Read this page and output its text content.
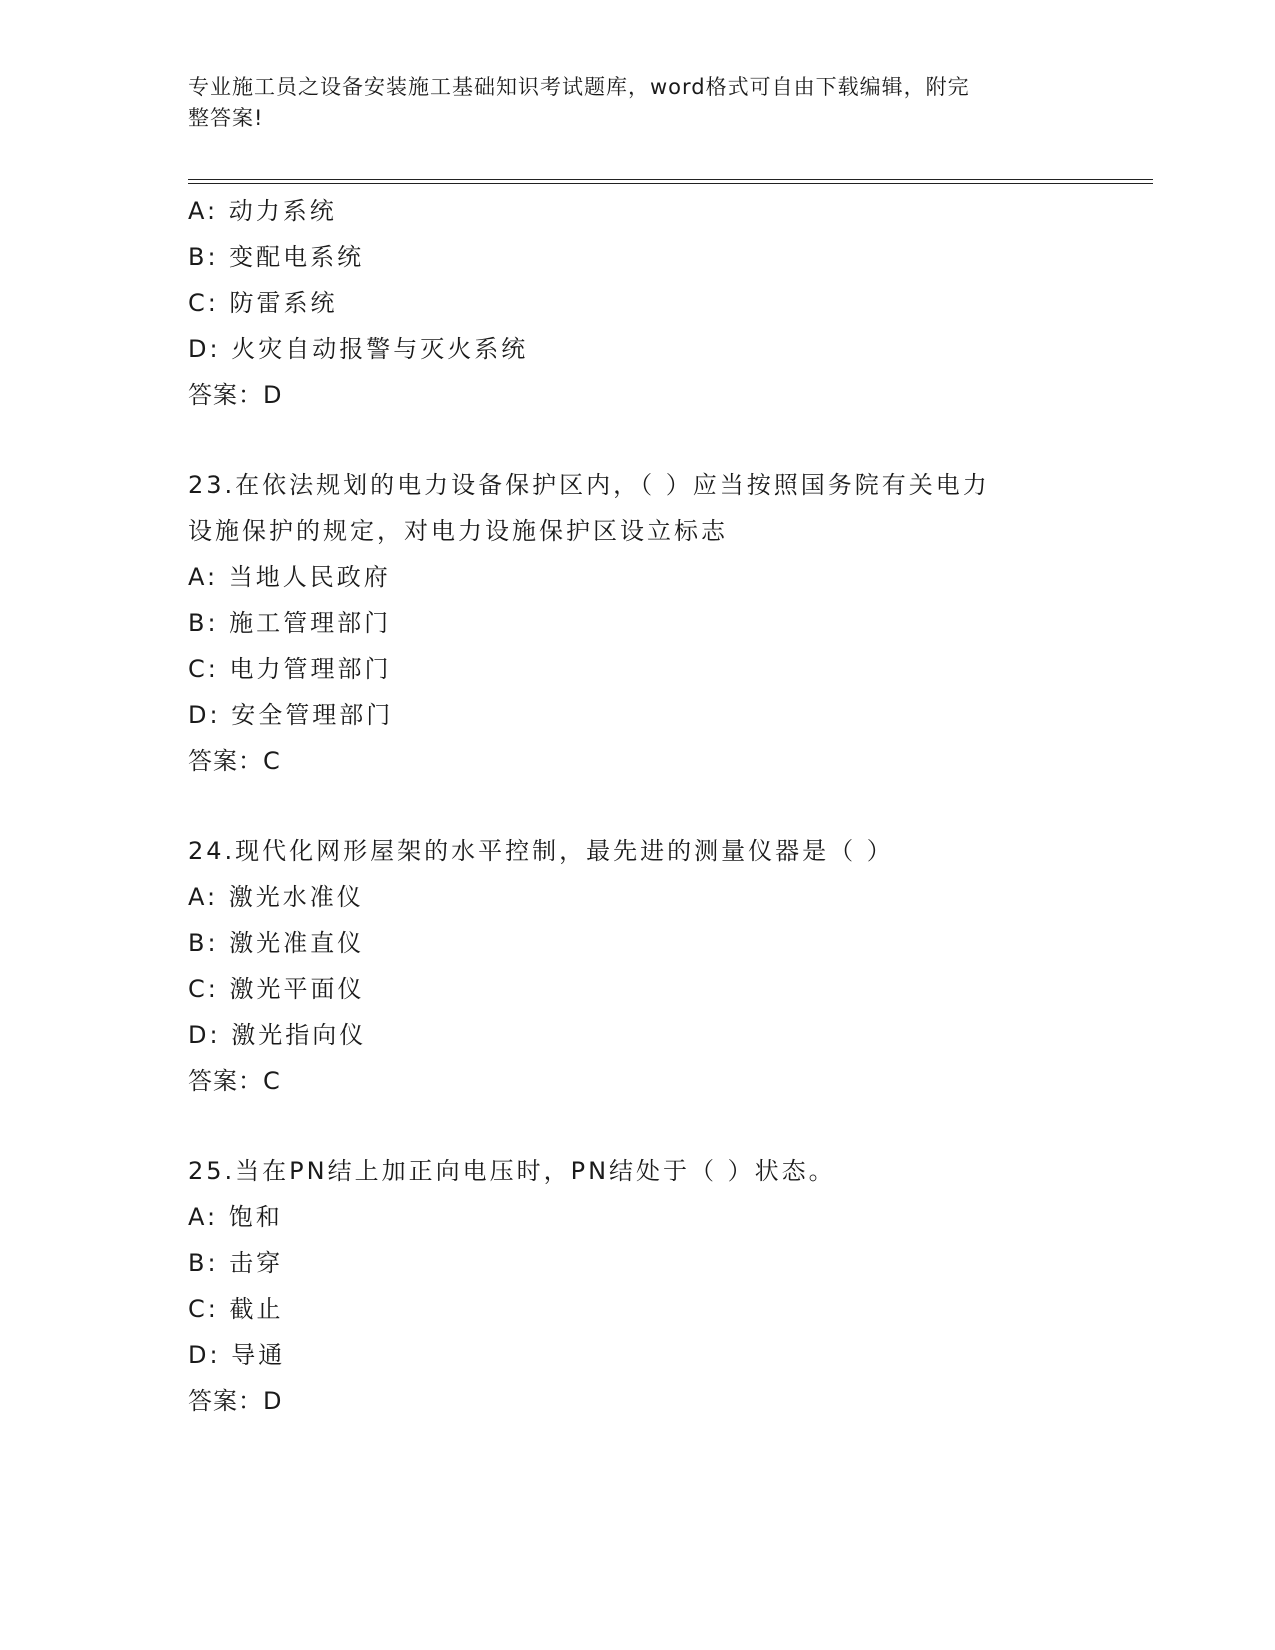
专业施工员之设备安装施工基础知识考试题库，word格式可自由下载编辑，附完
整答案!
A: 动力系统
B: 变配电系统
C: 防雷系统
D: 火灾自动报警与灭火系统
答案：D
23.在依法规划的电力设备保护区内，（ ）应当按照国务院有关电力
设施保护的规定，对电力设施保护区设立标志
A: 当地人民政府
B: 施工管理部门
C: 电力管理部门
D: 安全管理部门
答案：C
24.现代化网形屋架的水平控制，最先进的测量仪器是（ ）
A: 激光水准仪
B: 激光准直仪
C: 激光平面仪
D: 激光指向仪
答案：C
25.当在PN结上加正向电压时，PN结处于（ ）状态。
A: 饱和
B: 击穿
C: 截止
D: 导通
答案：D
